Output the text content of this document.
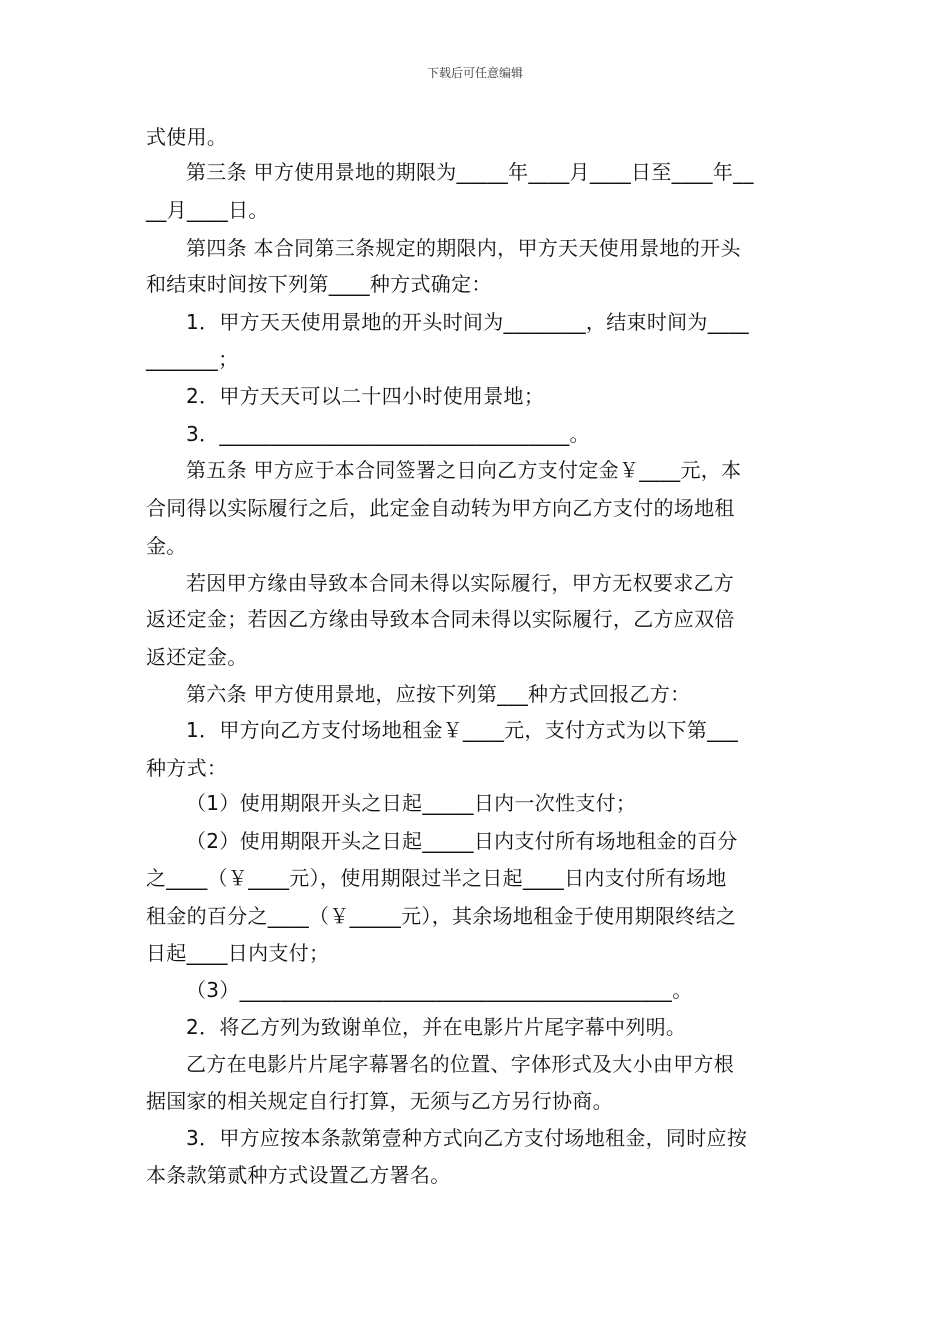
下载后可任意编辑
式使用。
第三条 甲方使用景地的期限为_____年____月____日至____年__
__月____日。
第四条 本合同第三条规定的期限内，甲方天天使用景地的开头
和结束时间按下列第____种方式确定：
1．甲方天天使用景地的开头时间为________，结束时间为____
_______；
2．甲方天天可以二十四小时使用景地；
3．__________________________________。
第五条 甲方应于本合同签署之日向乙方支付定金￥____元，本
合同得以实际履行之后，此定金自动转为甲方向乙方支付的场地租
金。
若因甲方缘由导致本合同未得以实际履行，甲方无权要求乙方
返还定金；若因乙方缘由导致本合同未得以实际履行，乙方应双倍
返还定金。
第六条 甲方使用景地，应按下列第___种方式回报乙方：
1．甲方向乙方支付场地租金￥____元，支付方式为以下第___
种方式：
（1）使用期限开头之日起_____日内一次性支付；
（2）使用期限开头之日起_____日内支付所有场地租金的百分
之____（￥____元），使用期限过半之日起____日内支付所有场地
租金的百分之____（￥_____元），其余场地租金于使用期限终结之
日起____日内支付；
（3）__________________________________________。
2．将乙方列为致谢单位，并在电影片片尾字幕中列明。
乙方在电影片片尾字幕署名的位置、字体形式及大小由甲方根
据国家的相关规定自行打算，无须与乙方另行协商。
3．甲方应按本条款第壹种方式向乙方支付场地租金，同时应按
本条款第贰种方式设置乙方署名。
